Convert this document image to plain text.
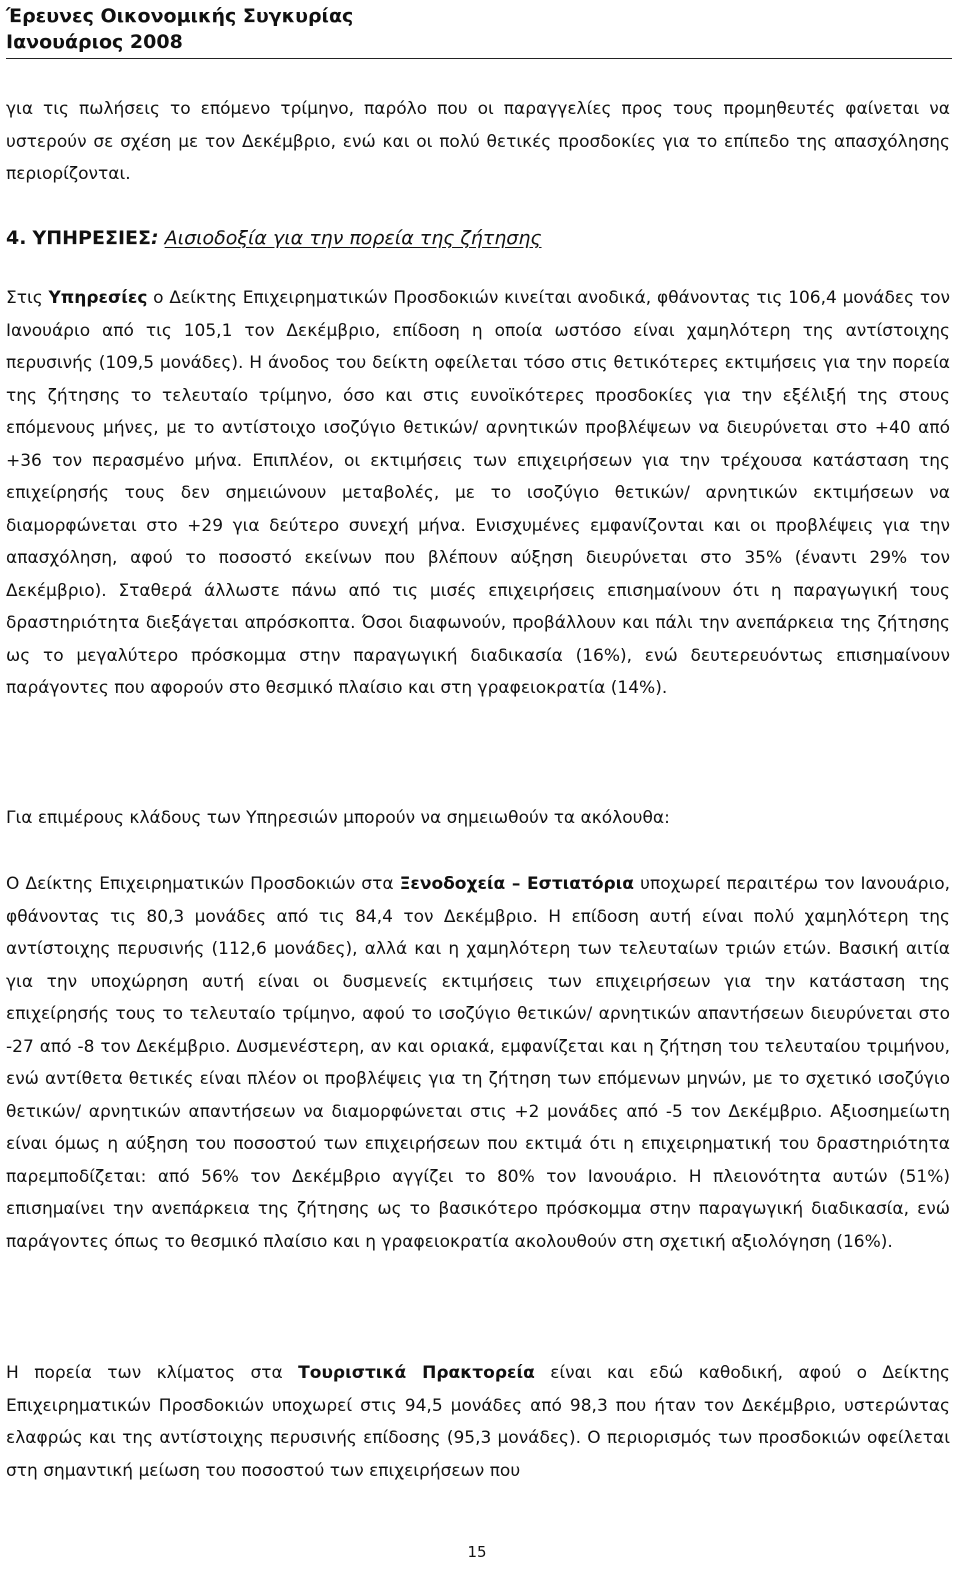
Έρευνες Οικονομικής Συγκυρίας
Ιανουάριος 2008
για τις πωλήσεις το επόμενο τρίμηνο, παρόλο που οι παραγγελίες προς τους προμηθευτές φαίνεται να υστερούν σε σχέση με τον Δεκέμβριο, ενώ και οι πολύ θετικές προσδοκίες για το επίπεδο της απασχόλησης περιορίζονται.
4. ΥΠΗΡΕΣΙΕΣ: Αισιοδοξία για την πορεία της ζήτησης
Στις Υπηρεσίες ο Δείκτης Επιχειρηματικών Προσδοκιών κινείται ανοδικά, φθάνοντας τις 106,4 μονάδες τον Ιανουάριο από τις 105,1 τον Δεκέμβριο, επίδοση η οποία ωστόσο είναι χαμηλότερη της αντίστοιχης περυσινής (109,5 μονάδες). Η άνοδος του δείκτη οφείλεται τόσο στις θετικότερες εκτιμήσεις για την πορεία της ζήτησης το τελευταίο τρίμηνο, όσο και στις ευνοϊκότερες προσδοκίες για την εξέλιξή της στους επόμενους μήνες, με το αντίστοιχο ισοζύγιο θετικών/ αρνητικών προβλέψεων να διευρύνεται στο +40 από +36 τον περασμένο μήνα. Επιπλέον, οι εκτιμήσεις των επιχειρήσεων για την τρέχουσα κατάσταση της επιχείρησής τους δεν σημειώνουν μεταβολές, με το ισοζύγιο θετικών/ αρνητικών εκτιμήσεων να διαμορφώνεται στο +29 για δεύτερο συνεχή μήνα. Ενισχυμένες εμφανίζονται και οι προβλέψεις για την απασχόληση, αφού το ποσοστό εκείνων που βλέπουν αύξηση διευρύνεται στο 35% (έναντι 29% τον Δεκέμβριο). Σταθερά άλλωστε πάνω από τις μισές επιχειρήσεις επισημαίνουν ότι η παραγωγική τους δραστηριότητα διεξάγεται απρόσκοπτα. Όσοι διαφωνούν, προβάλλουν και πάλι την ανεπάρκεια της ζήτησης ως το μεγαλύτερο πρόσκομμα στην παραγωγική διαδικασία (16%), ενώ δευτερευόντως επισημαίνουν παράγοντες που αφορούν στο θεσμικό πλαίσιο και στη γραφειοκρατία (14%).
Για επιμέρους κλάδους των Υπηρεσιών μπορούν να σημειωθούν τα ακόλουθα:
Ο Δείκτης Επιχειρηματικών Προσδοκιών στα Ξενοδοχεία – Εστιατόρια υποχωρεί περαιτέρω τον Ιανουάριο, φθάνοντας τις 80,3 μονάδες από τις 84,4 τον Δεκέμβριο. Η επίδοση αυτή είναι πολύ χαμηλότερη της αντίστοιχης περυσινής (112,6 μονάδες), αλλά και η χαμηλότερη των τελευταίων τριών ετών. Βασική αιτία για την υποχώρηση αυτή είναι οι δυσμενείς εκτιμήσεις των επιχειρήσεων για την κατάσταση της επιχείρησής τους το τελευταίο τρίμηνο, αφού το ισοζύγιο θετικών/ αρνητικών απαντήσεων διευρύνεται στο -27 από -8 τον Δεκέμβριο. Δυσμενέστερη, αν και οριακά, εμφανίζεται και η ζήτηση του τελευταίου τριμήνου, ενώ αντίθετα θετικές είναι πλέον οι προβλέψεις για τη ζήτηση των επόμενων μηνών, με το σχετικό ισοζύγιο θετικών/ αρνητικών απαντήσεων να διαμορφώνεται στις +2 μονάδες από -5 τον Δεκέμβριο. Αξιοσημείωτη είναι όμως η αύξηση του ποσοστού των επιχειρήσεων που εκτιμά ότι η επιχειρηματική του δραστηριότητα παρεμποδίζεται: από 56% τον Δεκέμβριο αγγίζει το 80% τον Ιανουάριο. Η πλειονότητα αυτών (51%) επισημαίνει την ανεπάρκεια της ζήτησης ως το βασικότερο πρόσκομμα στην παραγωγική διαδικασία, ενώ παράγοντες όπως το θεσμικό πλαίσιο και η γραφειοκρατία ακολουθούν στη σχετική αξιολόγηση (16%).
Η πορεία των κλίματος στα Τουριστικά Πρακτορεία είναι και εδώ καθοδική, αφού ο Δείκτης Επιχειρηματικών Προσδοκιών υποχωρεί στις 94,5 μονάδες από 98,3 που ήταν τον Δεκέμβριο, υστερώντας ελαφρώς και της αντίστοιχης περυσινής επίδοσης (95,3 μονάδες). Ο περιορισμός των προσδοκιών οφείλεται στη σημαντική μείωση του ποσοστού των επιχειρήσεων που
15
